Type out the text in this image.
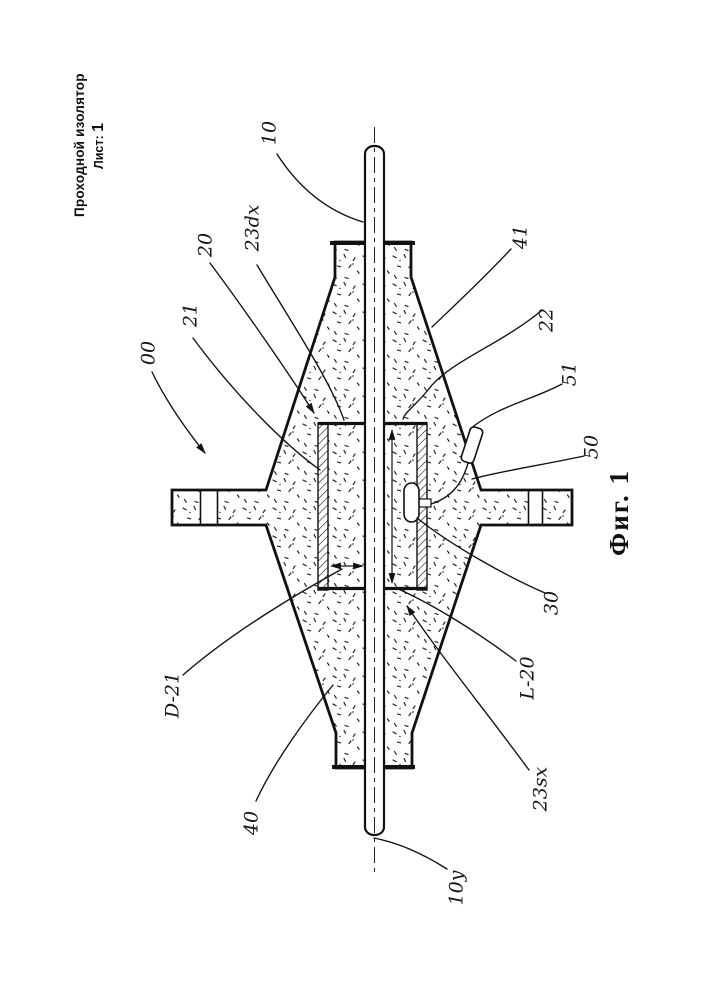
Проходной изолятор Лист: 1
Фиг. 1
10
23dx
20
21
00
41
22
51
50
30
L-20
23sx
10y
40
D-21
